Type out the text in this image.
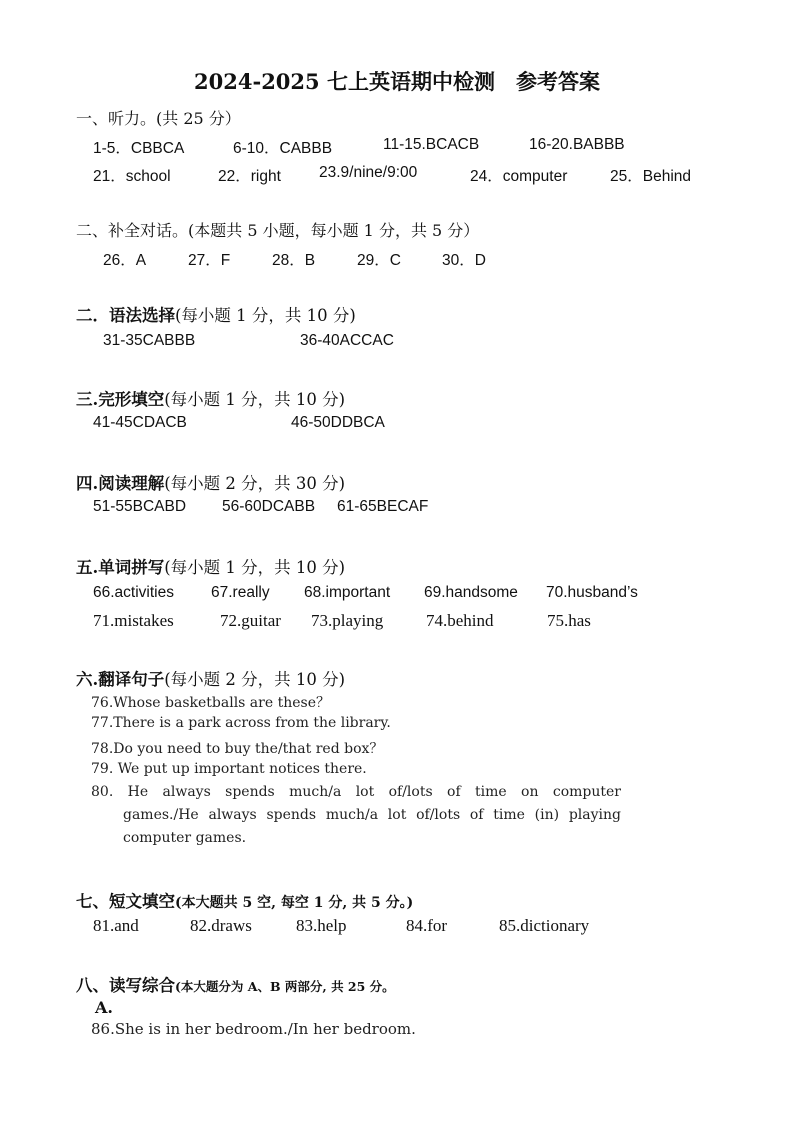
2024-2025 七上英语期中检测　参考答案
一、听力。(共 25 分）
1-5．CBBCA	6-10．CABBB	11-15.BCACB	16-20.BABBB
21．school	22．right 23.9/nine/9:00	24．computer	25．Behind
二、补全对话。(本题共 5 小题，每小题 1 分，共 5 分）
26．A	27．F	28．B	29．C	30．D
二．语法选择(每小题 1 分，共 10 分)
31-35CABBB	36-40ACCAC
三.完形填空(每小题 1 分，共 10 分)
41-45CDACB	46-50DDBCA
四.阅读理解(每小题 2 分，共 30 分)
51-55BCABD 56-60DCABB 61-65BECAF
五.单词拼写(每小题 1 分，共 10 分)
66.activities 67.really 68.important 69.handsome 70.husband’s
71.mistakes	72.guitar 73.playing	74.behind	75.has
六.翻译句子(每小题 2 分，共 10 分)
76.Whose basketballs are these？
77.There is a park across from the library.
78.Do you need to buy the/that red box？
79. We put up important notices there.
80. He always spends much/a lot of/lots of time on computer
games./He always spends much/a lot of/lots of time (in) playing
computer games.
七、短文填空(本大题共 5 空, 每空 1 分, 共 5 分。)
81.and	82.draws	83.help	84.for	85.dictionary
八、读写综合(本大题分为 A、B 两部分, 共 25 分。
A.
86.She is in her bedroom./In her bedroom.
